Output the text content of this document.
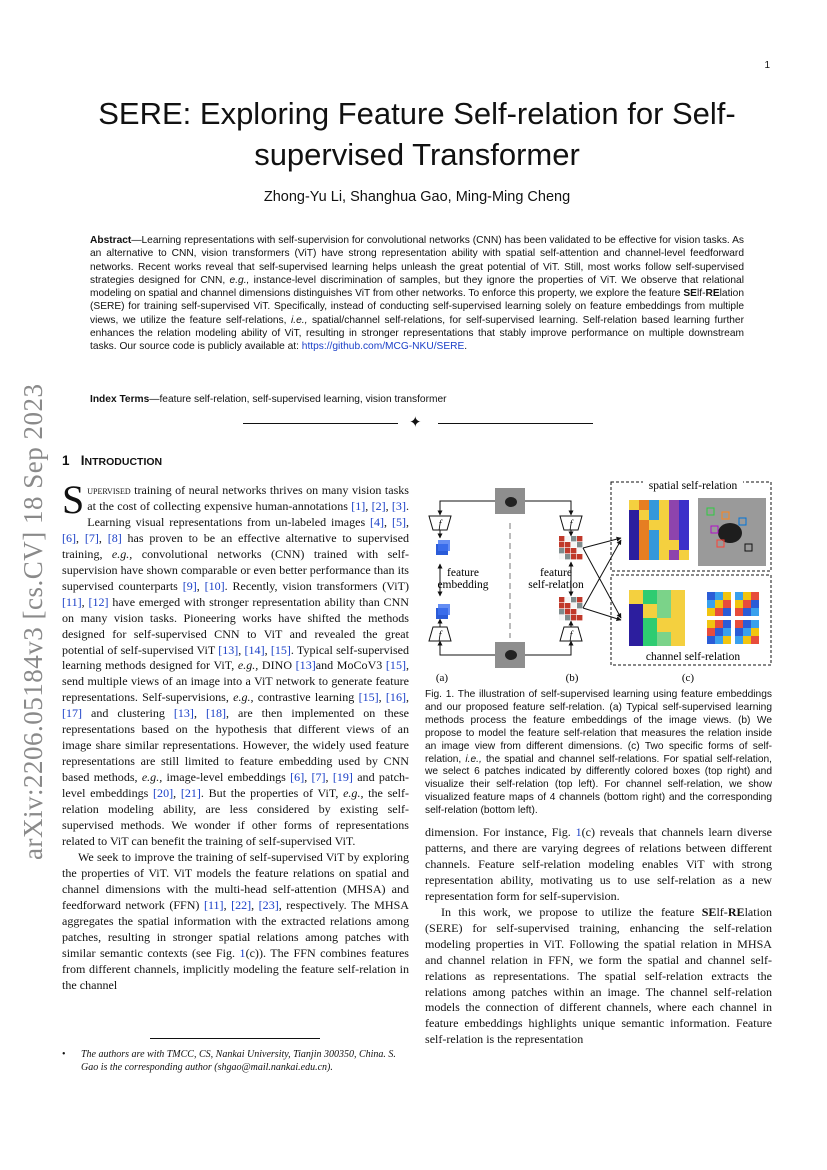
1
arXiv:2206.05184v3 [cs.CV] 18 Sep 2023
SERE: Exploring Feature Self-relation for Self-supervised Transformer
Zhong-Yu Li, Shanghua Gao, Ming-Ming Cheng
Abstract—Learning representations with self-supervision for convolutional networks (CNN) has been validated to be effective for vision tasks. As an alternative to CNN, vision transformers (ViT) have strong representation ability with spatial self-attention and channel-level feedforward networks. Recent works reveal that self-supervised learning helps unleash the great potential of ViT. Still, most works follow self-supervised strategies designed for CNN, e.g., instance-level discrimination of samples, but they ignore the properties of ViT. We observe that relational modeling on spatial and channel dimensions distinguishes ViT from other networks. To enforce this property, we explore the feature SElf-RElation (SERE) for training self-supervised ViT. Specifically, instead of conducting self-supervised learning solely on feature embeddings from multiple views, we utilize the feature self-relations, i.e., spatial/channel self-relations, for self-supervised learning. Self-relation based learning further enhances the relation modeling ability of ViT, resulting in stronger representations that stably improve performance on multiple downstream tasks. Our source code is publicly available at: https://github.com/MCG-NKU/SERE.
Index Terms—feature self-relation, self-supervised learning, vision transformer
✦
1 INTRODUCTION

Supervised training of neural networks thrives on many vision tasks at the cost of collecting expensive human-annotations [1], [2], [3]. Learning visual representations from un-labeled images [4], [5], [6], [7], [8] has proven to be an effective alternative to supervised training, e.g., convolutional networks (CNN) trained with self-supervision have shown comparable or even better performance than its supervised counterparts [9], [10]. Recently, vision transformers (ViT) [11], [12] have emerged with stronger representation ability than CNN on many vision tasks. Pioneering works have shifted the methods designed for self-supervised CNN to ViT and revealed the great potential of self-supervised ViT [13], [14], [15]. Typical self-supervised learning methods designed for ViT, e.g., DINO [13]and MoCoV3 [15], send multiple views of an image into a ViT network to generate feature representations. Self-supervisions, e.g., contrastive learning [15], [16], [17] and clustering [13], [18], are then implemented on these representations based on the hypothesis that different views of an image share similar representations. However, the widely used feature representations are still limited to feature embedding used by CNN based methods, e.g., image-level embeddings [6], [7], [19] and patch-level embeddings [20], [21]. But the properties of ViT, e.g., the self-relation modeling ability, are less considered by existing self-supervised methods. We wonder if other forms of representations related to ViT can benefit the training of self-supervised ViT.

We seek to improve the training of self-supervised ViT by exploring the properties of ViT. ViT models the feature relations on spatial and channel dimensions with the multi-head self-attention (MHSA) and feedforward network (FFN) [11], [22], [23], respectively. The MHSA aggregates the spatial information with the extracted relations among patches, resulting in stronger spatial relations among patches with similar semantic contexts (see Fig. 1(c)). The FFN combines features from different channels, implicitly modeling the feature self-relation in the channel

• The authors are with TMCC, CS, Nankai University, Tianjin 300350, China. S. Gao is the corresponding author (shgao@mail.nankai.edu.cn).
f	f
f	f
feature embedding
feature self-relation
spatial self-relation
channel self-relation
(a)	(b)	(c)
Fig. 1. The illustration of self-supervised learning using feature embeddings and our proposed feature self-relation. (a) Typical self-supervised learning methods process the feature embeddings of the image views. (b) We propose to model the feature self-relation that measures the relation inside an image view from different dimensions. (c) Two specific forms of self-relation, i.e., the spatial and channel self-relations. For spatial self-relation, we select 6 patches indicated by differently colored boxes (top right) and visualize their self-relation (top left). For channel self-relation, we show visualized feature maps of 4 channels (bottom right) and the corresponding self-relation (bottom left).

dimension. For instance, Fig. 1(c) reveals that channels learn diverse patterns, and there are varying degrees of relations between different channels. Feature self-relation modeling enables ViT with strong representation ability, motivating us to use self-relation as a new representation form for self-supervision.

In this work, we propose to utilize the feature SElf-RElation (SERE) for self-supervised training, enhancing the self-relation modeling properties in ViT. Following the spatial relation in MHSA and channel relation in FFN, we form the spatial and channel self-relations as representations. The spatial self-relation extracts the relations among patches within an image. The channel self-relation models the connection of different channels, where each channel in feature embeddings highlights unique semantic information. Feature self-relation is the representation
